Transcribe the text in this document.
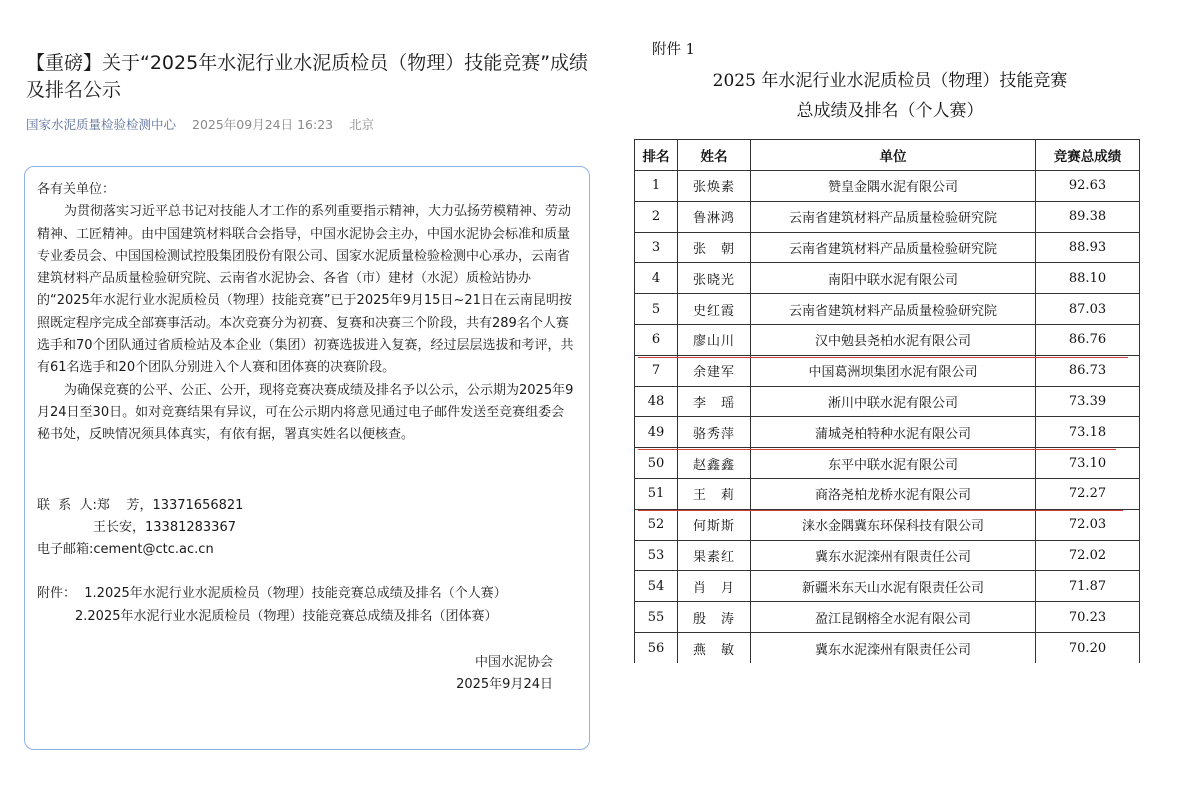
【重磅】关于“2025年水泥行业水泥质检员（物理）技能竞赛”成绩及排名公示
国家水泥质量检验检测中心 2025年09月24日 16:23 北京

各有关单位：

为贯彻落实习近平总书记对技能人才工作的系列重要指示精神，大力弘扬劳模精神、劳动精神、工匠精神。由中国建筑材料联合会指导，中国水泥协会主办，中国水泥协会标准和质量专业委员会、中国国检测试控股集团股份有限公司、国家水泥质量检验检测中心承办，云南省建筑材料产品质量检验研究院、云南省水泥协会、各省（市）建材（水泥）质检站协办的“2025年水泥行业水泥质检员（物理）技能竞赛”已于2025年9月15日~21日在云南昆明按照既定程序完成全部赛事活动。本次竞赛分为初赛、复赛和决赛三个阶段，共有289名个人赛选手和70个团队通过省质检站及本企业（集团）初赛选拔进入复赛，经过层层选拔和考评，共有61名选手和20个团队分别进入个人赛和团体赛的决赛阶段。

为确保竞赛的公平、公正、公开，现将竞赛决赛成绩及排名予以公示，公示期为2025年9月24日至30日。如对竞赛结果有异议，可在公示期内将意见通过电子邮件发送至竞赛组委会秘书处，反映情况须具体真实，有依有据，署真实姓名以便核查。

联  系  人:郑    芳，13371656821

王长安，13381283367

电子邮箱:cement@ctc.ac.cn

附件：  1.2025年水泥行业水泥质检员（物理）技能竞赛总成绩及排名（个人赛）

2.2025年水泥行业水泥质检员（物理）技能竞赛总成绩及排名（团体赛）

中国水泥协会

2025年9月24日

附件 1
2025 年水泥行业水泥质检员（物理）技能竞赛
总成绩及排名（个人赛）
排名	姓名	单位	竞赛总成绩
1	张焕素	赞皇金隅水泥有限公司	92.63
2	鲁淋鸿	云南省建筑材料产品质量检验研究院	89.38
3	张　朝	云南省建筑材料产品质量检验研究院	88.93
4	张晓光	南阳中联水泥有限公司	88.10
5	史红霞	云南省建筑材料产品质量检验研究院	87.03
6	廖山川	汉中勉县尧柏水泥有限公司	86.76
7	余建军	中国葛洲坝集团水泥有限公司	86.73
48	李　瑶	淅川中联水泥有限公司	73.39
49	骆秀萍	蒲城尧柏特种水泥有限公司	73.18
50	赵鑫鑫	东平中联水泥有限公司	73.10
51	王　莉	商洛尧柏龙桥水泥有限公司	72.27
52	何斯斯	涞水金隅冀东环保科技有限公司	72.03
53	果素红	冀东水泥滦州有限责任公司	72.02
54	肖　月	新疆米东天山水泥有限责任公司	71.87
55	殷　涛	盈江昆钢榕全水泥有限公司	70.23
56	燕　敏	冀东水泥滦州有限责任公司	70.20
